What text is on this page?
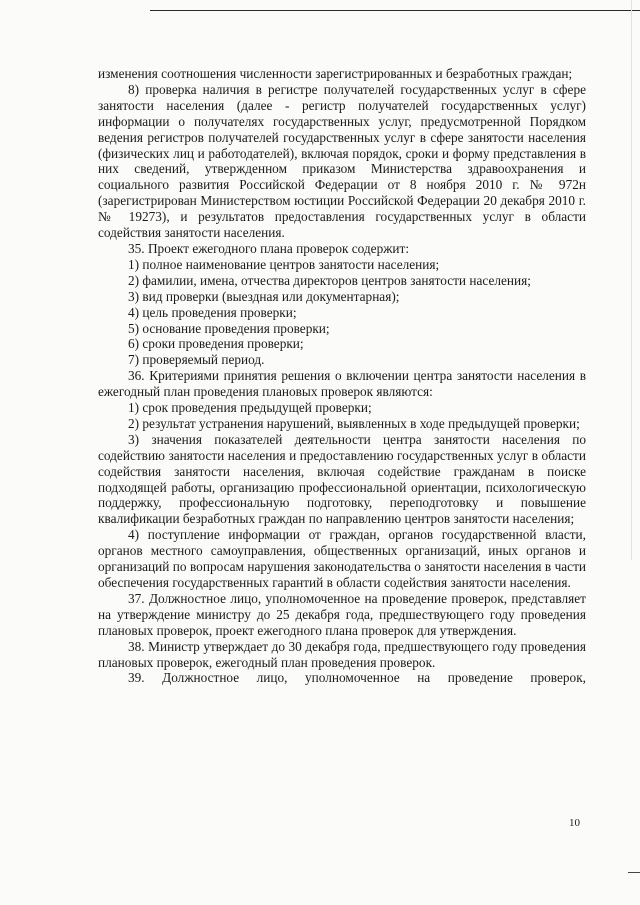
изменения соотношения численности зарегистрированных и безработных граждан;

8) проверка наличия в регистре получателей государственных услуг в сфере занятости населения (далее - регистр получателей государственных услуг) информации о получателях государственных услуг, предусмотренной Порядком ведения регистров получателей государственных услуг в сфере занятости населения (физических лиц и работодателей), включая порядок, сроки и форму представления в них сведений, утвержденном приказом Министерства здравоохранения и социального развития Российской Федерации от 8 ноября 2010 г. № 972н (зарегистрирован Министерством юстиции Российской Федерации 20 декабря 2010 г. № 19273), и результатов предоставления государственных услуг в области содействия занятости населения.

35. Проект ежегодного плана проверок содержит:

1) полное наименование центров занятости населения;

2) фамилии, имена, отчества директоров центров занятости населения;

3) вид проверки (выездная или документарная);

4) цель проведения проверки;

5) основание проведения проверки;

6) сроки проведения проверки;

7) проверяемый период.

36. Критериями принятия решения о включении центра занятости населения в ежегодный план проведения плановых проверок являются:

1) срок проведения предыдущей проверки;

2) результат устранения нарушений, выявленных в ходе предыдущей проверки;

3) значения показателей деятельности центра занятости населения по содействию занятости населения и предоставлению государственных услуг в области содействия занятости населения, включая содействие гражданам в поиске подходящей работы, организацию профессиональной ориентации, психологическую поддержку, профессиональную подготовку, переподготовку и повышение квалификации безработных граждан по направлению центров занятости населения;

4) поступление информации от граждан, органов государственной власти, органов местного самоуправления, общественных организаций, иных органов и организаций по вопросам нарушения законодательства о занятости населения в части обеспечения государственных гарантий в области содействия занятости населения.

37. Должностное лицо, уполномоченное на проведение проверок, представляет на утверждение министру до 25 декабря года, предшествующего году проведения плановых проверок, проект ежегодного плана проверок для утверждения.

38. Министр утверждает до 30 декабря года, предшествующего году проведения плановых проверок, ежегодный план проведения проверок.

39. Должностное лицо, уполномоченное на проведение проверок,

10
